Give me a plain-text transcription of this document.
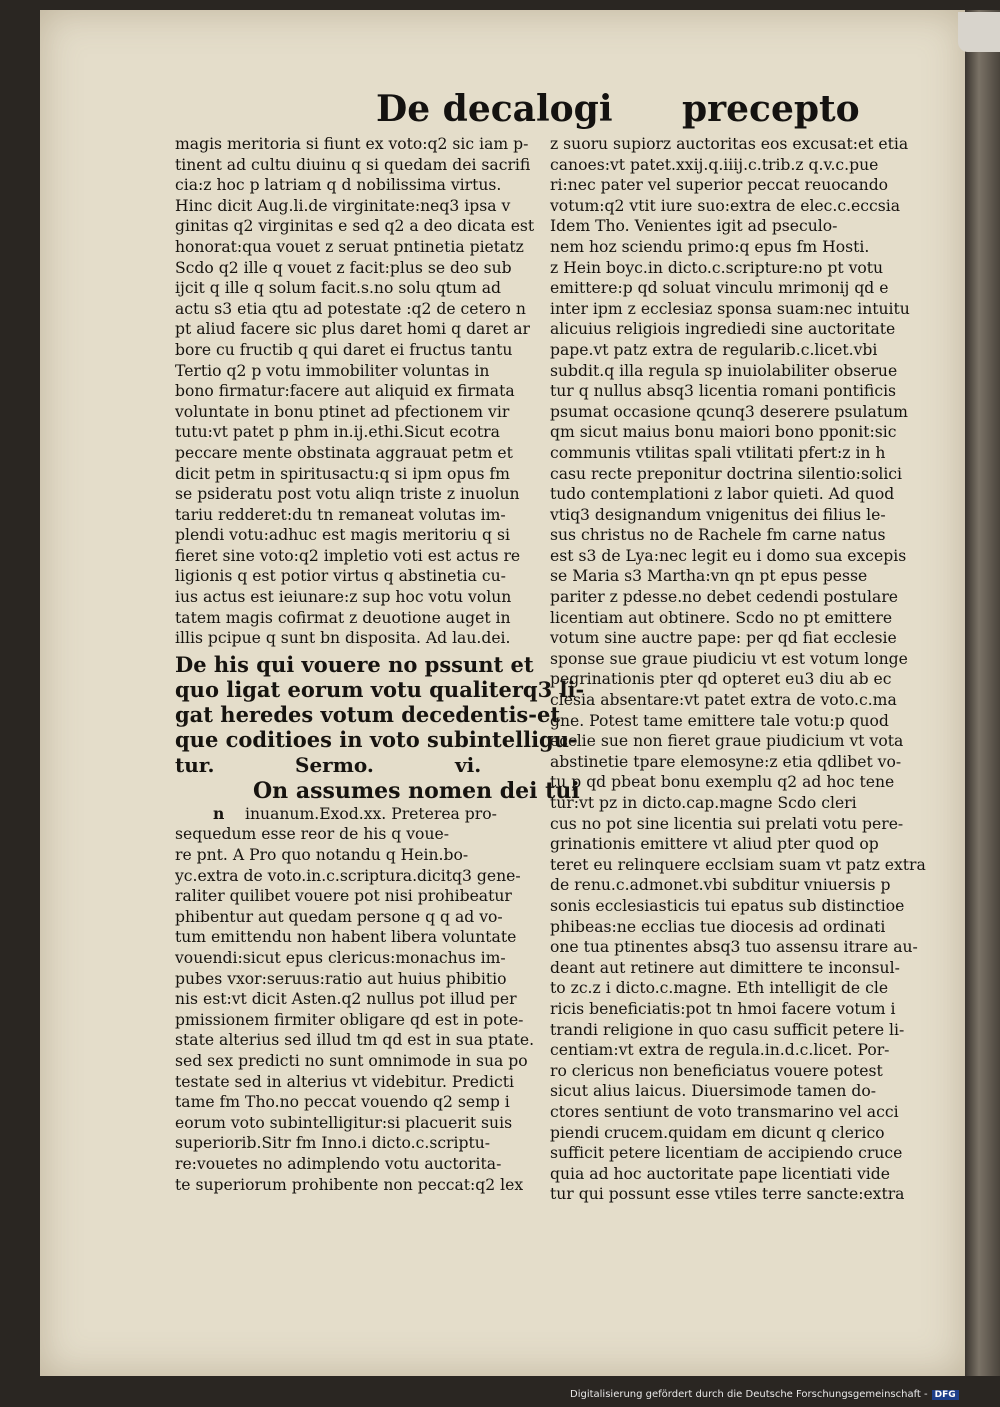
De decalogi precepto
magis meritoria si fiunt ex voto:q2 sic iam p-
tinent ad cultu diuinu q si quedam dei sacrifi
cia:z hoc p latriam q d nobilissima virtus.
Hinc dicit Aug.li.de virginitate:neq3 ipsa v
ginitas q2 virginitas e sed q2 a deo dicata est
honorat:qua vouet z seruat pntinetia pietatz
Scdo q2 ille q vouet z facit:plus se deo sub
ijcit q ille q solum facit.s.no solu qtum ad
actu s3 etia qtu ad potestate :q2 de cetero n
pt aliud facere sic plus daret homi q daret ar
bore cu fructib q qui daret ei fructus tantu
Tertio q2 p votu immobiliter voluntas in
bono firmatur:facere aut aliquid ex firmata
voluntate in bonu ptinet ad pfectionem vir
tutu:vt patet p phm in.ij.ethi.Sicut ecotra
peccare mente obstinata aggrauat petm et
dicit petm in spiritusactu:q si ipm opus fm
se psideratu post votu aliqn triste z inuolun
tariu redderet:du tn remaneat volutas im-
plendi votu:adhuc est magis meritoriu q si
fieret sine voto:q2 impletio voti est actus re
ligionis q est potior virtus q abstinetia cu-
ius actus est ieiunare:z sup hoc votu volun
tatem magis cofirmat z deuotione auget in
illis pcipue q sunt bn disposita. Ad lau.dei.
De his qui vouere no pssunt et
quo ligat eorum votu qualiterq3 li-
gat heredes votum decedentis-et
que coditioes in voto subintelligu-
tur.	Sermo.	vi.
On assumes nomen dei tui
n inuanum.Exod.xx. Preterea pro-
sequedum esse reor de his q voue-
re pnt. A Pro quo notandu q Hein.bo-
yc.extra de voto.in.c.scriptura.dicitq3 gene-
raliter quilibet vouere pot nisi prohibeatur
phibentur aut quedam persone q q ad vo-
tum emittendu non habent libera voluntate
vouendi:sicut epus clericus:monachus im-
pubes vxor:seruus:ratio aut huius phibitio
nis est:vt dicit Asten.q2 nullus pot illud per
pmissionem firmiter obligare qd est in pote-
state alterius sed illud tm qd est in sua ptate.
sed sex predicti no sunt omnimode in sua po
testate sed in alterius vt videbitur. Predicti
tame fm Tho.no peccat vouendo q2 semp i
eorum voto subintelligitur:si placuerit suis
superiorib.Sitr fm Inno.i dicto.c.scriptu-
re:vouetes no adimplendo votu auctorita-
te superiorum prohibente non peccat:q2 lex
z suoru supiorz auctoritas eos excusat:et etia
canoes:vt patet.xxij.q.iiij.c.trib.z q.v.c.pue
ri:nec pater vel superior peccat reuocando
votum:q2 vtit iure suo:extra de elec.c.eccsia
Idem Tho. Venientes igit ad pseculo-
nem hoz sciendu primo:q epus fm Hosti.
z Hein boyc.in dicto.c.scripture:no pt votu
emittere:p qd soluat vinculu mrimonij qd e
inter ipm z ecclesiaz sponsa suam:nec intuitu
alicuius religiois ingrediedi sine auctoritate
pape.vt patz extra de regularib.c.licet.vbi
subdit.q illa regula sp inuiolabiliter obserue
tur q nullus absq3 licentia romani pontificis
psumat occasione qcunq3 deserere psulatum
qm sicut maius bonu maiori bono pponit:sic
communis vtilitas spali vtilitati pfert:z in h
casu recte preponitur doctrina silentio:solici
tudo contemplationi z labor quieti. Ad quod
vtiq3 designandum vnigenitus dei filius le-
sus christus no de Rachele fm carne natus
est s3 de Lya:nec legit eu i domo sua excepis
se Maria s3 Martha:vn qn pt epus pesse
pariter z pdesse.no debet cedendi postulare
licentiam aut obtinere. Scdo no pt emittere
votum sine auctre pape: per qd fiat ecclesie
sponse sue graue piudiciu vt est votum longe
pegrinationis pter qd opteret eu3 diu ab ec
clesia absentare:vt patet extra de voto.c.ma
gne. Potest tame emittere tale votu:p quod
ecclie sue non fieret graue piudicium vt vota
abstinetie tpare elemosyne:z etia qdlibet vo-
tu p qd pbeat bonu exemplu q2 ad hoc tene
tur:vt pz in dicto.cap.magne Scdo cleri
cus no pot sine licentia sui prelati votu pere-
grinationis emittere vt aliud pter quod op
teret eu relinquere ecclsiam suam vt patz extra
de renu.c.admonet.vbi subditur vniuersis p
sonis ecclesiasticis tui epatus sub distinctioe
phibeas:ne ecclias tue diocesis ad ordinati
one tua ptinentes absq3 tuo assensu itrare au-
deant aut retinere aut dimittere te inconsul-
to zc.z i dicto.c.magne. Eth intelligit de cle
ricis beneficiatis:pot tn hmoi facere votum i
trandi religione in quo casu sufficit petere li-
centiam:vt extra de regula.in.d.c.licet. Por-
ro clericus non beneficiatus vouere potest
sicut alius laicus. Diuersimode tamen do-
ctores sentiunt de voto transmarino vel acci
piendi crucem.quidam em dicunt q clerico
sufficit petere licentiam de accipiendo cruce
quia ad hoc auctoritate pape licentiati vide
tur qui possunt esse vtiles terre sancte:extra
Digitalisierung gefördert durch die Deutsche Forschungsgemeinschaft - DFG
